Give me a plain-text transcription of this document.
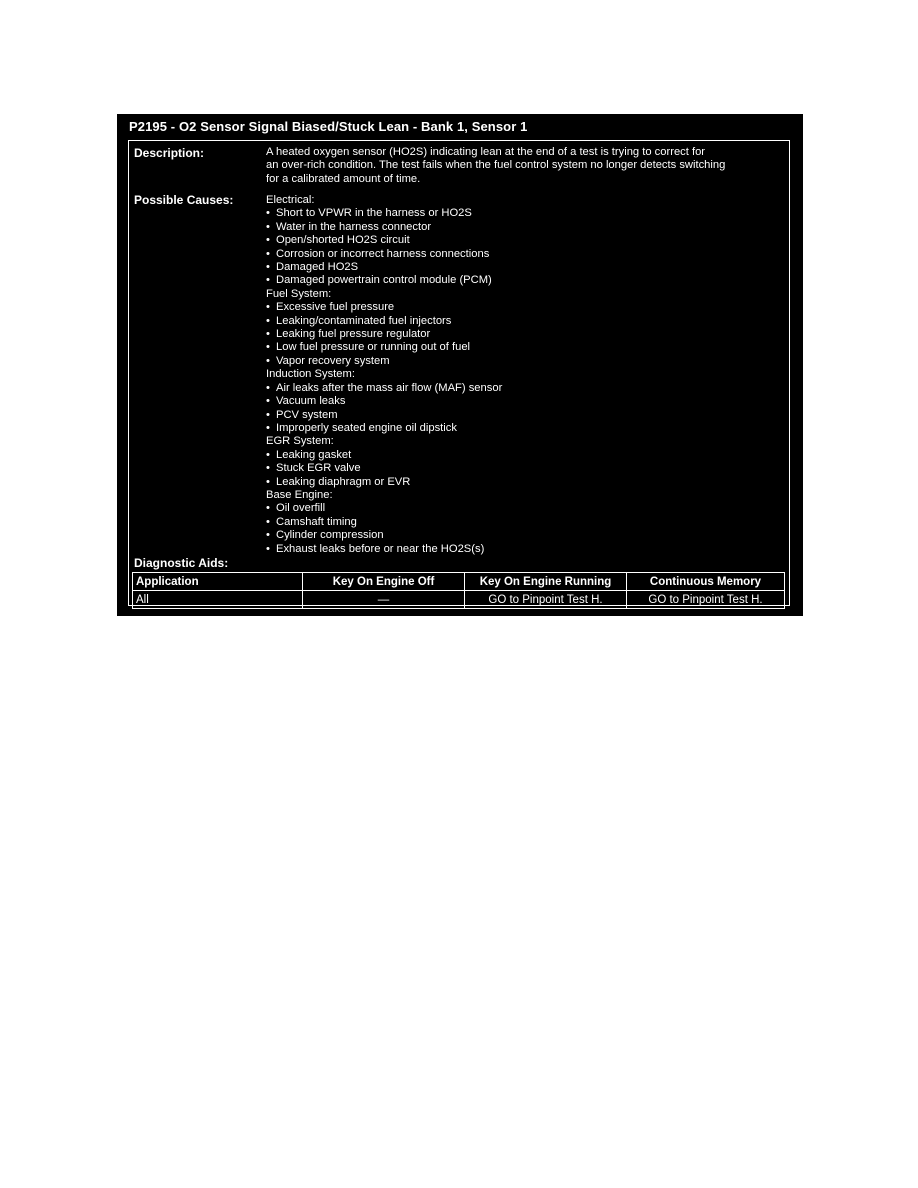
P2195 - O2 Sensor Signal Biased/Stuck Lean - Bank 1, Sensor 1
Description:	A heated oxygen sensor (HO2S) indicating lean at the end of a test is trying to correct for
an over-rich condition. The test fails when the fuel control system no longer detects switching
for a calibrated amount of time.
Possible Causes:	Electrical:
• Short to VPWR in the harness or HO2S
• Water in the harness connector
• Open/shorted HO2S circuit
• Corrosion or incorrect harness connections
• Damaged HO2S
• Damaged powertrain control module (PCM)
Fuel System:
• Excessive fuel pressure
• Leaking/contaminated fuel injectors
• Leaking fuel pressure regulator
• Low fuel pressure or running out of fuel
• Vapor recovery system
Induction System:
• Air leaks after the mass air flow (MAF) sensor
• Vacuum leaks
• PCV system
• Improperly seated engine oil dipstick
EGR System:
• Leaking gasket
• Stuck EGR valve
• Leaking diaphragm or EVR
Base Engine:
• Oil overfill
• Camshaft timing
• Cylinder compression
• Exhaust leaks before or near the HO2S(s)
Diagnostic Aids:
Application	Key On Engine Off	Key On Engine Running	Continuous Memory
All	—	GO to Pinpoint Test H.	GO to Pinpoint Test H.
